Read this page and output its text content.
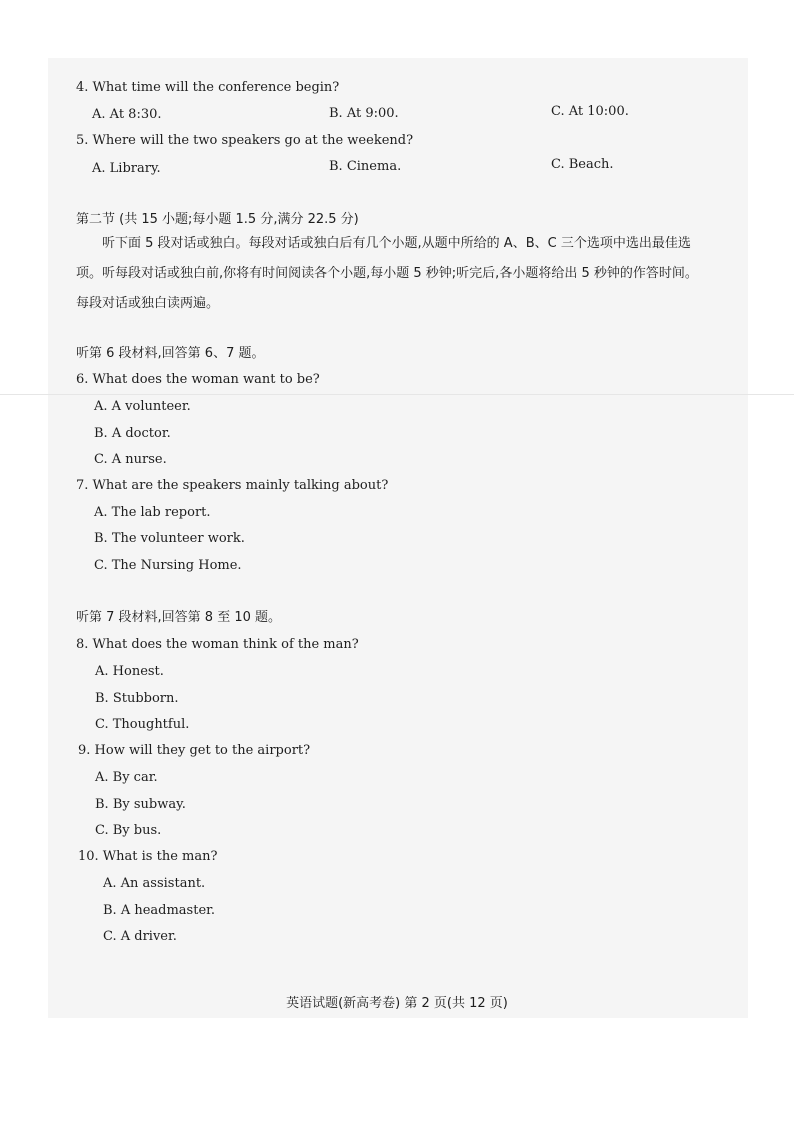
4. What time will the conference begin?
A. At 8:30.	B. At 9:00.	C. At 10:00.
5. Where will the two speakers go at the weekend?
A. Library.	B. Cinema.	C. Beach.
第二节 (共 15 小题;每小题 1.5 分,满分 22.5 分)
听下面 5 段对话或独白。每段对话或独白后有几个小题,从题中所给的 A、B、C 三个选项中选出最佳选项。听每段对话或独白前,你将有时间阅读各个小题,每小题 5 秒钟;听完后,各小题将给出 5 秒钟的作答时间。每段对话或独白读两遍。
听第 6 段材料,回答第 6、7 题。
6. What does the woman want to be?
A. A volunteer.
B. A doctor.
C. A nurse.
7. What are the speakers mainly talking about?
A. The lab report.
B. The volunteer work.
C. The Nursing Home.
听第 7 段材料,回答第 8 至 10 题。
8. What does the woman think of the man?
A. Honest.
B. Stubborn.
C. Thoughtful.
9. How will they get to the airport?
A. By car.
B. By subway.
C. By bus.
10. What is the man?
A. An assistant.
B. A headmaster.
C. A driver.
英语试题(新高考卷) 第 2 页(共 12 页)
